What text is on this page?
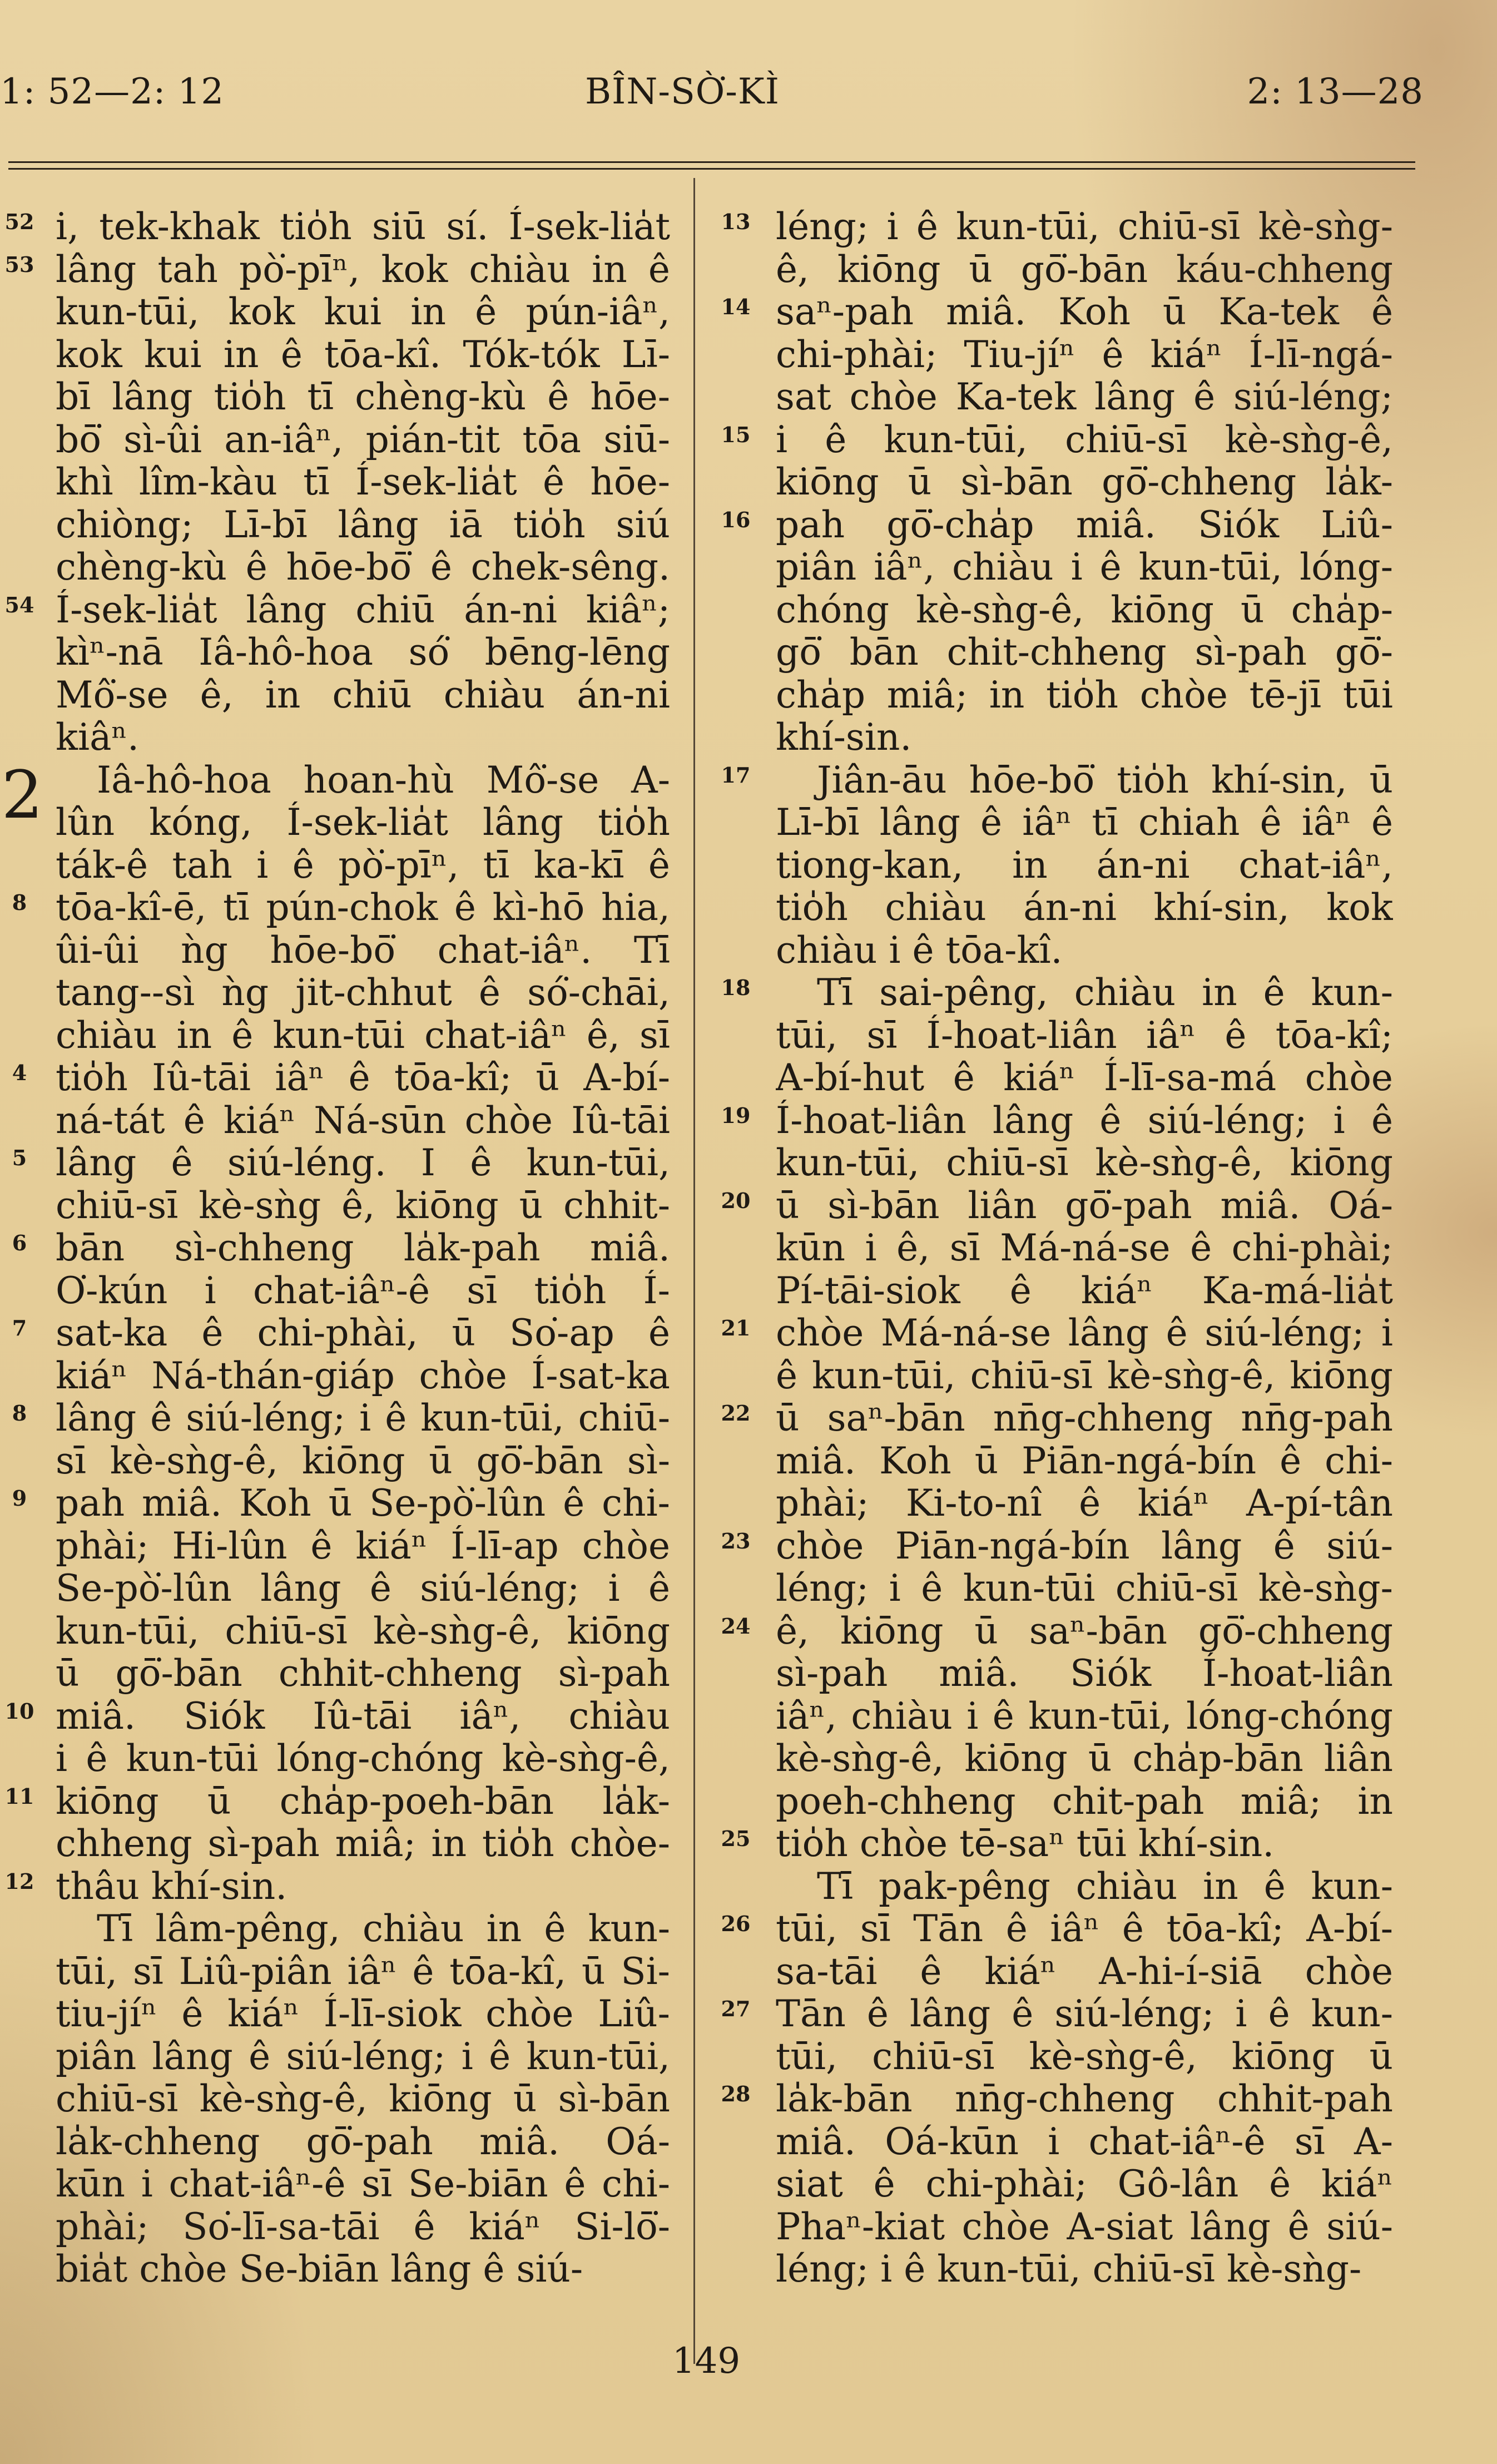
1: 52—2: 12	BÎN-SÒ͘-KÌ	2: 13—28
52
53
54
8
4
5
6
7
8
9
10
11
12
2
i, tek-khak tio̍h siū sí. Í-sek-lia̍t
lâng tah pò͘-pīⁿ, kok chiàu in ê
kun-tūi, kok kui in ê pún-iâⁿ,
kok kui in ê tōa-kî. Tók-tók Lī-
bī lâng tio̍h tī chèng-kù ê hōe-
bō͘ sì-ûi an-iâⁿ, pián-tit tōa siū-
khì lîm-kàu tī Í-sek-lia̍t ê hōe-
chiòng; Lī-bī lâng iā tio̍h siú
chèng-kù ê hōe-bō͘ ê chek-sêng.
Í-sek-lia̍t lâng chiū án-ni kiâⁿ;
kìⁿ-nā Iâ-hô-hoa só͘ bēng-lēng
Mô͘-se ê, in chiū chiàu án-ni
kiâⁿ.
Iâ-hô-hoa hoan-hù Mô͘-se A-
lûn kóng, Í-sek-lia̍t lâng tio̍h
ták-ê tah i ê pò͘-pīⁿ, tī ka-kī ê
tōa-kî-ē, tī pún-chok ê kì-hō hia,
ûi-ûi ǹg hōe-bō͘ chat-iâⁿ. Tī
tang--sì ǹg jit-chhut ê só͘-chāi,
chiàu in ê kun-tūi chat-iâⁿ ê, sī
tio̍h Iû-tāi iâⁿ ê tōa-kî; ū A-bí-
ná-tát ê kiáⁿ Ná-sūn chòe Iû-tāi
lâng ê siú-léng. I ê kun-tūi,
chiū-sī kè-sǹg ê, kiōng ū chhit-
bān sì-chheng la̍k-pah miâ.
O͘-kún i chat-iâⁿ-ê sī tio̍h Í-
sat-ka ê chi-phài, ū So͘-ap ê
kiáⁿ Ná-thán-giáp chòe Í-sat-ka
lâng ê siú-léng; i ê kun-tūi, chiū-
sī kè-sǹg-ê, kiōng ū gō͘-bān sì-
pah miâ. Koh ū Se-pò͘-lûn ê chi-
phài; Hi-lûn ê kiáⁿ Í-lī-ap chòe
Se-pò͘-lûn lâng ê siú-léng; i ê
kun-tūi, chiū-sī kè-sǹg-ê, kiōng
ū gō͘-bān chhit-chheng sì-pah
miâ. Siók Iû-tāi iâⁿ, chiàu
i ê kun-tūi lóng-chóng kè-sǹg-ê,
kiōng ū cha̍p-poeh-bān la̍k-
chheng sì-pah miâ; in tio̍h chòe-
thâu khí-sin.
Tī lâm-pêng, chiàu in ê kun-
tūi, sī Liû-piân iâⁿ ê tōa-kî, ū Si-
tiu-jíⁿ ê kiáⁿ Í-lī-siok chòe Liû-
piân lâng ê siú-léng; i ê kun-tūi,
chiū-sī kè-sǹg-ê, kiōng ū sì-bān
la̍k-chheng gō͘-pah miâ. Oá-
kūn i chat-iâⁿ-ê sī Se-biān ê chi-
phài; So͘-lī-sa-tāi ê kiáⁿ Si-lō͘-
bia̍t chòe Se-biān lâng ê siú-
13
14
15
16
17
18
19
20
21
22
23
24
25
26
27
28
léng; i ê kun-tūi, chiū-sī kè-sǹg-
ê, kiōng ū gō͘-bān káu-chheng
saⁿ-pah miâ. Koh ū Ka-tek ê
chi-phài; Tiu-jíⁿ ê kiáⁿ Í-lī-ngá-
sat chòe Ka-tek lâng ê siú-léng;
i ê kun-tūi, chiū-sī kè-sǹg-ê,
kiōng ū sì-bān gō͘-chheng la̍k-
pah gō͘-cha̍p miâ. Siók Liû-
piân iâⁿ, chiàu i ê kun-tūi, lóng-
chóng kè-sǹg-ê, kiōng ū cha̍p-
gō͘ bān chit-chheng sì-pah gō͘-
cha̍p miâ; in tio̍h chòe tē-jī tūi
khí-sin.
Jiân-āu hōe-bō͘ tio̍h khí-sin, ū
Lī-bī lâng ê iâⁿ tī chiah ê iâⁿ ê
tiong-kan, in án-ni chat-iâⁿ,
tio̍h chiàu án-ni khí-sin, kok
chiàu i ê tōa-kî.
Tī sai-pêng, chiàu in ê kun-
tūi, sī Í-hoat-liân iâⁿ ê tōa-kî;
A-bí-hut ê kiáⁿ Í-lī-sa-má chòe
Í-hoat-liân lâng ê siú-léng; i ê
kun-tūi, chiū-sī kè-sǹg-ê, kiōng
ū sì-bān liân gō͘-pah miâ. Oá-
kūn i ê, sī Má-ná-se ê chi-phài;
Pí-tāi-siok ê kiáⁿ Ka-má-lia̍t
chòe Má-ná-se lâng ê siú-léng; i
ê kun-tūi, chiū-sī kè-sǹg-ê, kiōng
ū saⁿ-bān nn̄g-chheng nn̄g-pah
miâ. Koh ū Piān-ngá-bín ê chi-
phài; Ki-to-nî ê kiáⁿ A-pí-tân
chòe Piān-ngá-bín lâng ê siú-
léng; i ê kun-tūi chiū-sī kè-sǹg-
ê, kiōng ū saⁿ-bān gō͘-chheng
sì-pah miâ. Siók Í-hoat-liân
iâⁿ, chiàu i ê kun-tūi, lóng-chóng
kè-sǹg-ê, kiōng ū cha̍p-bān liân
poeh-chheng chit-pah miâ; in
tio̍h chòe tē-saⁿ tūi khí-sin.
Tī pak-pêng chiàu in ê kun-
tūi, sī Tān ê iâⁿ ê tōa-kî; A-bí-
sa-tāi ê kiáⁿ A-hi-í-siā chòe
Tān ê lâng ê siú-léng; i ê kun-
tūi, chiū-sī kè-sǹg-ê, kiōng ū
la̍k-bān nn̄g-chheng chhit-pah
miâ. Oá-kūn i chat-iâⁿ-ê sī A-
siat ê chi-phài; Gô-lân ê kiáⁿ
Phaⁿ-kiat chòe A-siat lâng ê siú-
léng; i ê kun-tūi, chiū-sī kè-sǹg-
149
